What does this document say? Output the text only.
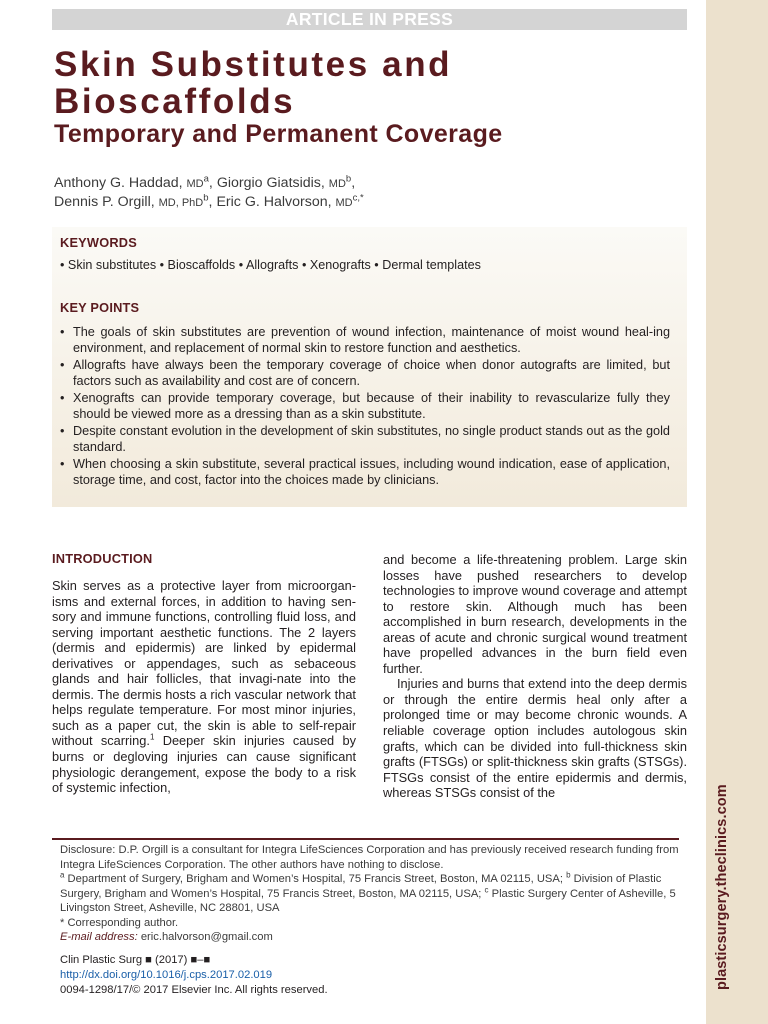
plasticsurgery.theclinics.com
ARTICLE IN PRESS
Skin Substitutes and
Bioscaffolds
Temporary and Permanent Coverage
Anthony G. Haddad, $MD^a$, Giorgio Giatsidis, $MD^b$,
Dennis P. Orgill, MD, PhD$^b$, Eric G. Halvorson, $MD^{c,*}$
KEYWORDS
• Skin substitutes • Bioscaffolds • Allografts • Xenografts • Dermal templates
KEY POINTS
• The goals of skin substitutes are prevention of wound infection, maintenance of moist wound heal-ing environment, and replacement of normal skin to restore function and aesthetics.
• Allografts have always been the temporary coverage of choice when donor autografts are limited, but factors such as availability and cost are of concern.
• Xenografts can provide temporary coverage, but because of their inability to revascularize fully they should be viewed more as a dressing than as a skin substitute.
• Despite constant evolution in the development of skin substitutes, no single product stands out as the gold standard.
• When choosing a skin substitute, several practical issues, including wound indication, ease of application, storage time, and cost, factor into the choices made by clinicians.
INTRODUCTION

Skin serves as a protective layer from microorgan-isms and external forces, in addition to having sen-sory and immune functions, controlling fluid loss, and serving important aesthetic functions. The 2 layers (dermis and epidermis) are linked by epidermal derivatives or appendages, such as sebaceous glands and hair follicles, that invagi-nate into the dermis. The dermis hosts a rich vascular network that helps regulate temperature. For most minor injuries, such as a paper cut, the skin is able to self-repair without scarring.$^1$ Deeper skin injuries caused by burns or degloving injuries can cause significant physiologic derangement, expose the body to a risk of systemic infection,

and become a life-threatening problem. Large skin losses have pushed researchers to develop technologies to improve wound coverage and attempt to restore skin. Although much has been accomplished in burn research, developments in the areas of acute and chronic surgical wound treatment have propelled advances in the burn field even further.

Injuries and burns that extend into the deep dermis or through the entire dermis heal only after a prolonged time or may become chronic wounds. A reliable coverage option includes autologous skin grafts, which can be divided into full-thickness skin grafts (FTSGs) or split-thickness skin grafts (STSGs). FTSGs consist of the entire epidermis and dermis, whereas STSGs consist of the

Disclosure: D.P. Orgill is a consultant for Integra LifeSciences Corporation and has previously received research funding from Integra LifeSciences Corporation. The other authors have nothing to disclose.
$^a$ Department of Surgery, Brigham and Women’s Hospital, 75 Francis Street, Boston, MA 02115, USA; $^b$ Division of Plastic Surgery, Brigham and Women’s Hospital, 75 Francis Street, Boston, MA 02115, USA; $^c$ Plastic Surgery Center of Asheville, 5 Livingston Street, Asheville, NC 28801, USA
* Corresponding author.
E-mail address: eric.halvorson@gmail.com
Clin Plastic Surg ■ (2017) ■–■
http://dx.doi.org/10.1016/j.cps.2017.02.019
0094-1298/17/© 2017 Elsevier Inc. All rights reserved.
